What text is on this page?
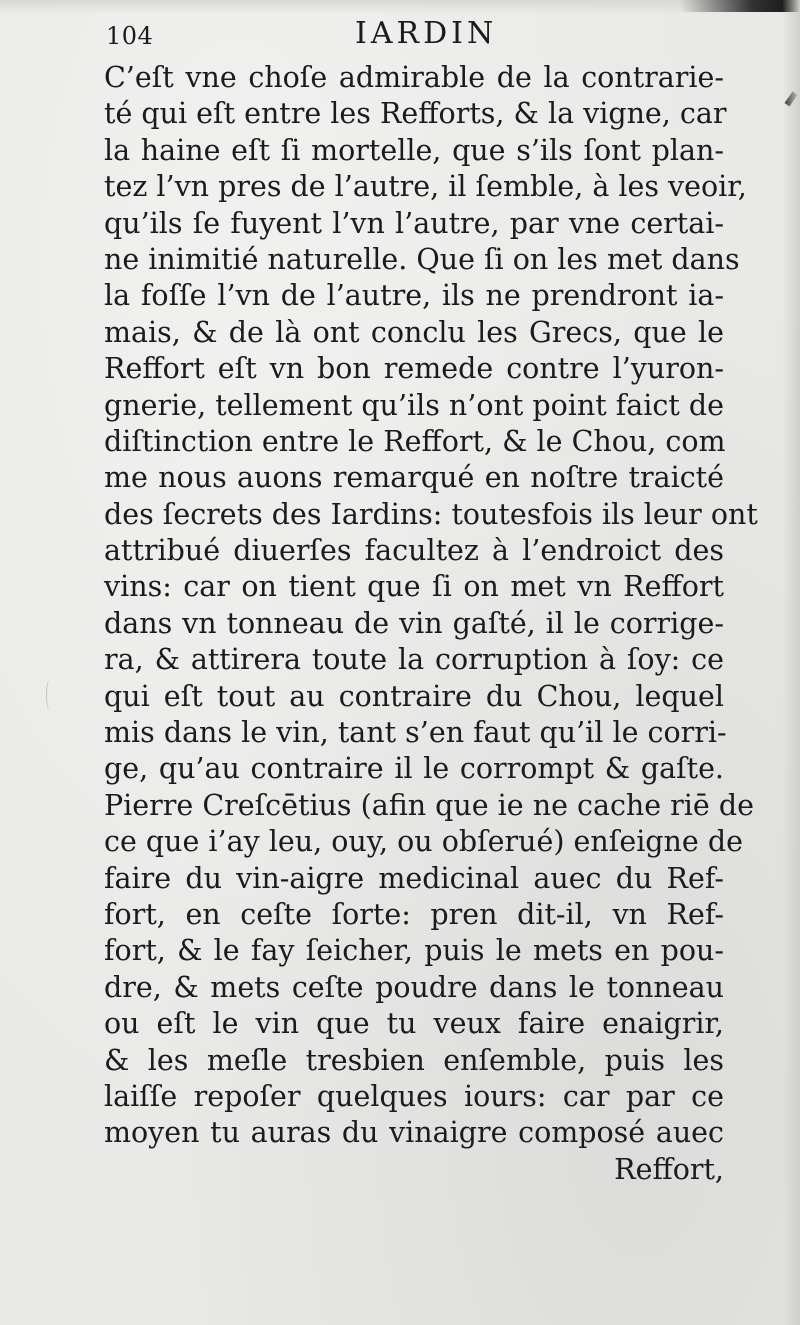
104	IARDIN
C’eſt vne choſe admirable de la contrarie-
té qui eſt entre les Refforts, & la vigne, car
la haine eſt ſi mortelle, que s’ils ſont plan-
tez l’vn pres de l’autre, il ſemble, à les veoir,
qu’ils ſe fuyent l’vn l’autre, par vne certai-
ne inimitié naturelle. Que ſi on les met dans
la foſſe l’vn de l’autre, ils ne prendront ia-
mais, & de là ont conclu les Grecs, que le
Reffort eſt vn bon remede contre l’yuron-
gnerie, tellement qu’ils n’ont point faict de
diſtinction entre le Reffort, & le Chou, com
me nous auons remarqué en noſtre traicté
des ſecrets des Iardins: toutesfois ils leur ont
attribué diuerſes facultez à l’endroict des
vins: car on tient que ſi on met vn Reffort
dans vn tonneau de vin gaſté, il le corrige-
ra, & attirera toute la corruption à ſoy: ce
qui eſt tout au contraire du Chou, lequel
mis dans le vin, tant s’en faut qu’il le corri-
ge, qu’au contraire il le corrompt & gaſte.
Pierre Creſcētius (afin que ie ne cache riē de
ce que i’ay leu, ouy, ou obſerué) enſeigne de
faire du vin-aigre medicinal auec du Ref-
fort, en ceſte ſorte: pren dit-il, vn Ref-
fort, & le fay ſeicher, puis le mets en pou-
dre, & mets ceſte poudre dans le tonneau
ou eſt le vin que tu veux faire enaigrir,
& les meſle tresbien enſemble, puis les
laiſſe repoſer quelques iours: car par ce
moyen tu auras du vinaigre composé auec
Reffort,
